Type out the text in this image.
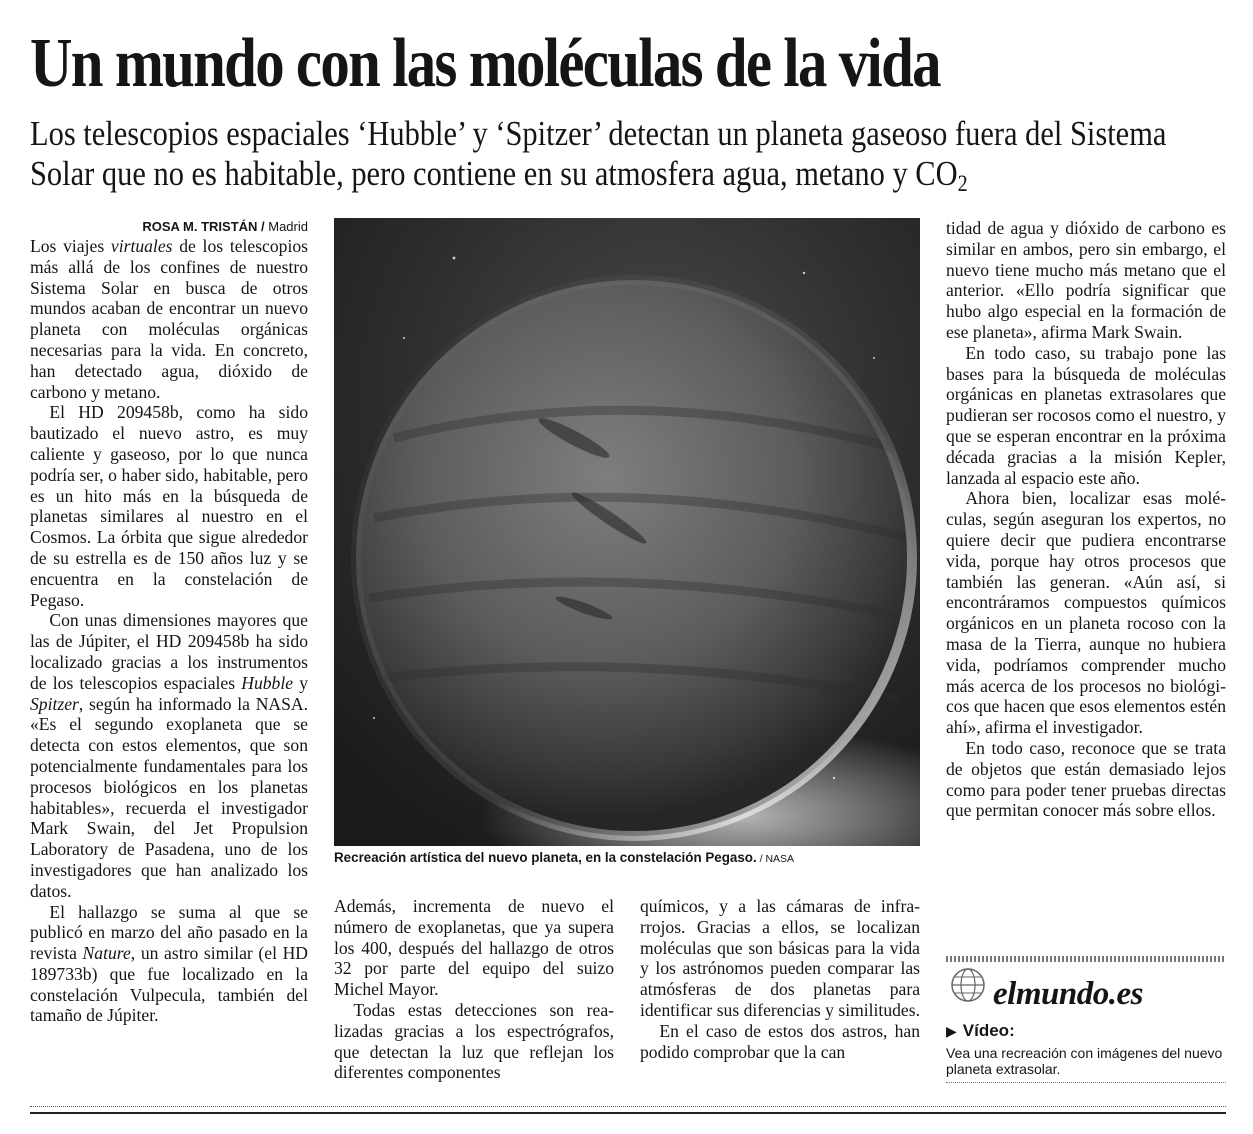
Un mundo con las moléculas de la vida
Los telescopios espaciales ‘Hubble’ y ‘Spitzer’ detectan un planeta gaseoso fuera del Sistema Solar que no es habitable, pero contiene en su atmosfera agua, metano y $CO_2$
ROSA M. TRISTÁN / Madrid

Los viajes virtuales de los telescopios más allá de los confines de nuestro Sistema Solar en busca de otros mundos acaban de encontrar un nuevo planeta con moléculas orgánicas necesarias para la vida. En concreto, han detectado agua, dióxido de carbono y metano.

El HD 209458b, como ha sido bautizado el nuevo astro, es muy caliente y gaseoso, por lo que nunca podría ser, o haber sido, habitable, pero es un hito más en la búsqueda de planetas similares al nuestro en el Cosmos. La órbita que sigue alrededor de su estrella es de 150 años luz y se encuentra en la constelación de Pegaso.

Con unas dimensiones mayores que las de Júpiter, el HD 209458b ha sido localizado gracias a los instrumentos de los telescopios espaciales Hubble y Spitzer, según ha informado la NASA. «Es el segundo exoplaneta que se detecta con estos elementos, que son potencialmente fundamentales para los procesos biológicos en los planetas habitables», recuerda el investigador Mark Swain, del Jet Propulsion Laboratory de Pasadena, uno de los investigadores que han analizado los datos.

El hallazgo se suma al que se publicó en marzo del año pasado en la revista Nature, un astro similar (el HD 189733b) que fue localizado en la constelación Vulpecula, también del tamaño de Júpiter.

Recreación artística del nuevo planeta, en la constelación Pegaso. / NASA

Además, incrementa de nuevo el número de exoplanetas, que ya supera los 400, después del hallazgo de otros 32 por parte del equipo del suizo Michel Mayor.

Todas estas detecciones son realizadas gracias a los espectrógrafos, que detectan la luz que reflejan los diferentes componentes

químicos, y a las cámaras de infrarrojos. Gracias a ellos, se localizan moléculas que son básicas para la vida y los astrónomos pueden comparar las atmósferas de dos planetas para identificar sus diferencias y similitudes.

En el caso de estos dos astros, han podido comprobar que la can

tidad de agua y dióxido de carbono es similar en ambos, pero sin embargo, el nuevo tiene mucho más metano que el anterior. «Ello podría significar que hubo algo especial en la formación de ese planeta», afirma Mark Swain.

En todo caso, su trabajo pone las bases para la búsqueda de moléculas orgánicas en planetas extrasolares que pudieran ser rocosos como el nuestro, y que se esperan encontrar en la próxima década gracias a la misión Kepler, lanzada al espacio este año.

Ahora bien, localizar esas moléculas, según aseguran los expertos, no quiere decir que pudiera encontrarse vida, porque hay otros procesos que también las generan. «Aún así, si encontráramos compuestos químicos orgánicos en un planeta rocoso con la masa de la Tierra, aunque no hubiera vida, podríamos comprender mucho más acerca de los procesos no biológicos que hacen que esos elementos estén ahí», afirma el investigador.

En todo caso, reconoce que se trata de objetos que están demasiado lejos como para poder tener pruebas directas que permitan conocer más sobre ellos.

elmundo.es
▶ Vídeo:
Vea una recreación con imágenes del nuevo planeta extrasolar.
